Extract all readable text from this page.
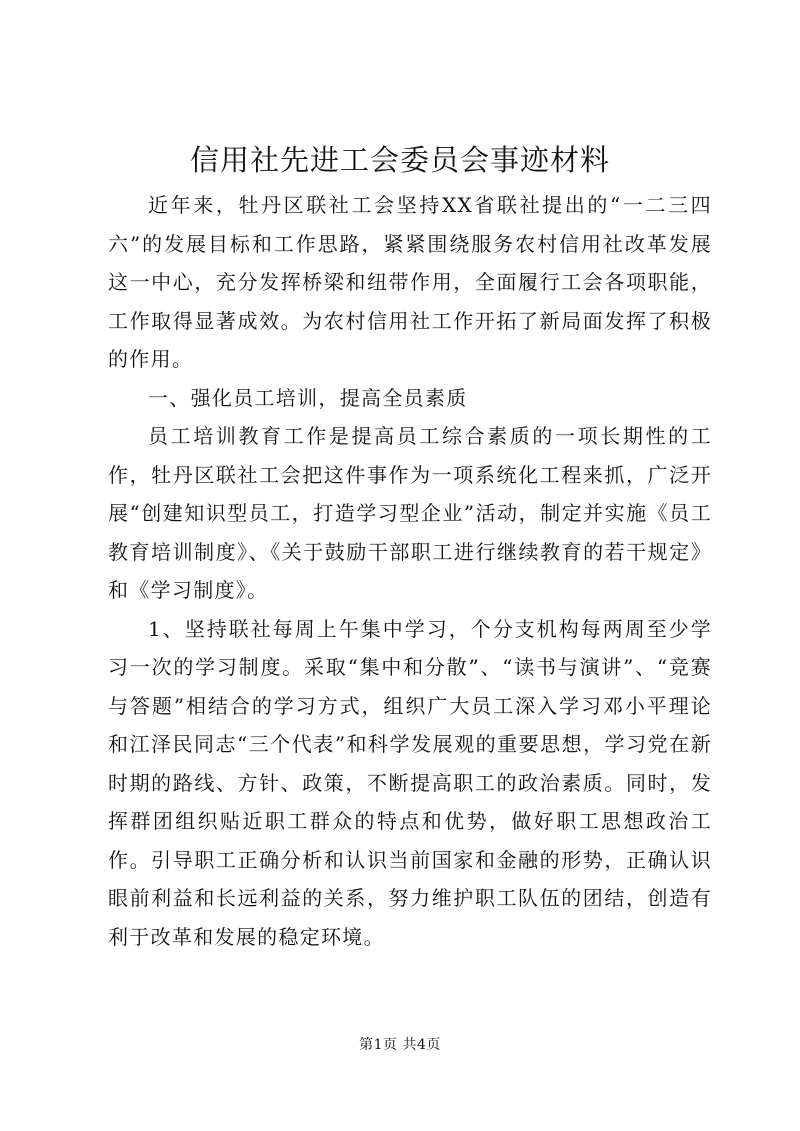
信用社先进工会委员会事迹材料

近年来，牡丹区联社工会坚持XX省联社提出的“一二三四六”的发展目标和工作思路，紧紧围绕服务农村信用社改革发展这一中心，充分发挥桥梁和纽带作用，全面履行工会各项职能，工作取得显著成效。为农村信用社工作开拓了新局面发挥了积极的作用。

一、强化员工培训，提高全员素质

员工培训教育工作是提高员工综合素质的一项长期性的工作，牡丹区联社工会把这件事作为一项系统化工程来抓，广泛开展“创建知识型员工，打造学习型企业”活动，制定并实施《员工教育培训制度》、《关于鼓励干部职工进行继续教育的若干规定》和《学习制度》。

1、坚持联社每周上午集中学习，个分支机构每两周至少学习一次的学习制度。采取“集中和分散”、“读书与演讲”、“竞赛与答题”相结合的学习方式，组织广大员工深入学习邓小平理论和江泽民同志“三个代表”和科学发展观的重要思想，学习党在新时期的路线、方针、政策，不断提高职工的政治素质。同时，发挥群团组织贴近职工群众的特点和优势，做好职工思想政治工作。引导职工正确分析和认识当前国家和金融的形势，正确认识眼前利益和长远利益的关系，努力维护职工队伍的团结，创造有利于改革和发展的稳定环境。

第1页 共4页
